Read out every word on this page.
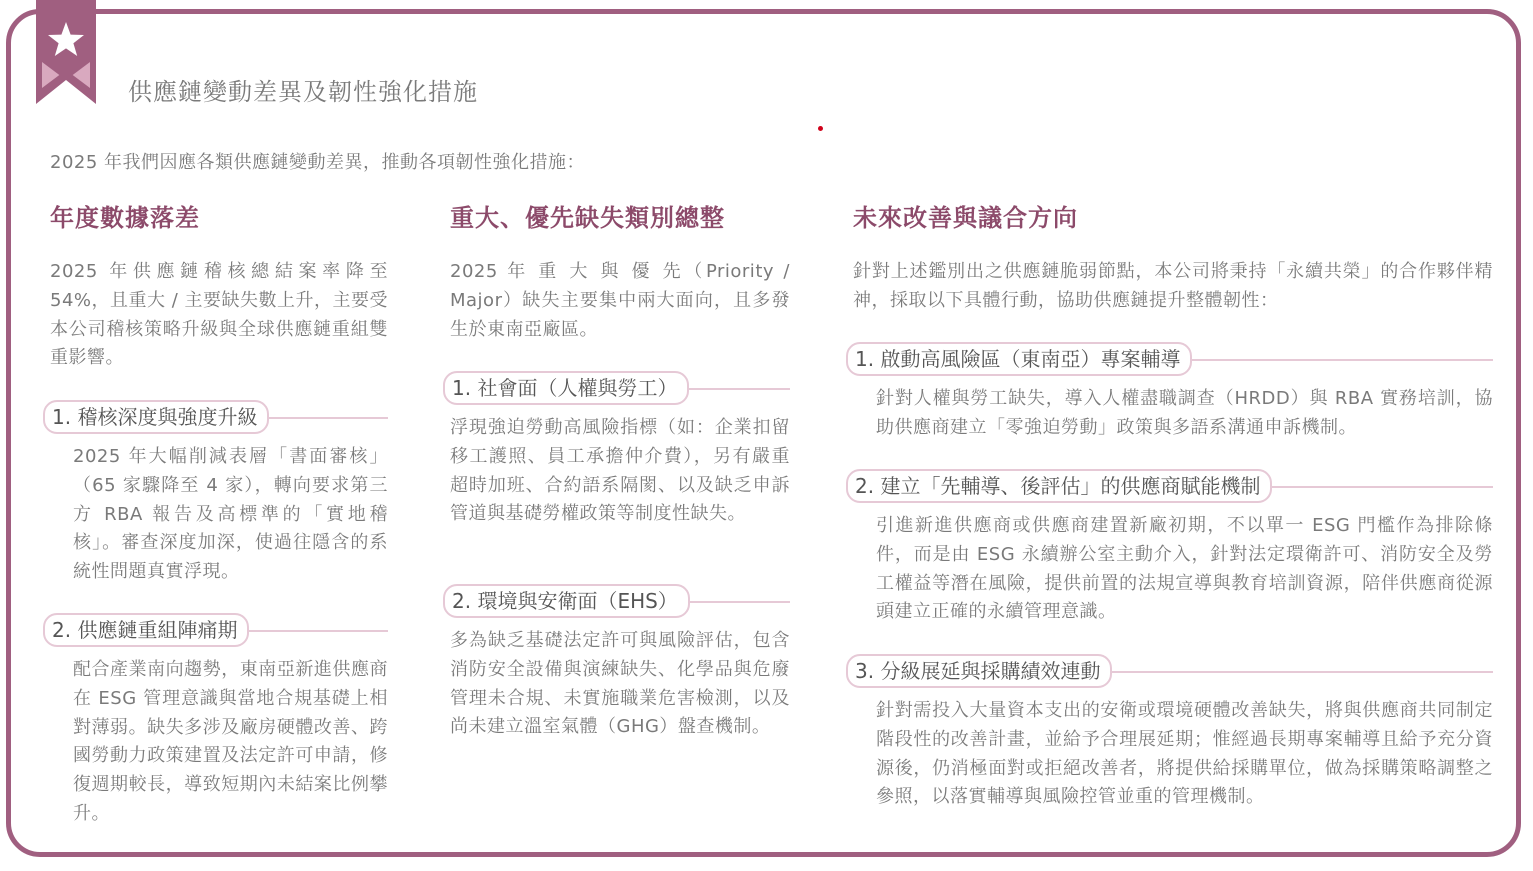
供應鏈變動差異及韌性強化措施
2025 年我們因應各類供應鏈變動差異，推動各項韌性強化措施：
年度數據落差
2025 年供應鏈稽核總結案率降至 54%，且重大 / 主要缺失數上升，主要受本公司稽核策略升級與全球供應鏈重組雙重影響。
1. 稽核深度與強度升級
2025 年大幅削減表層「書面審核」（65 家驟降至 4 家），轉向要求第三方 RBA 報告及高標準的「實地稽核」。審查深度加深，使過往隱含的系統性問題真實浮現。
2. 供應鏈重組陣痛期
配合產業南向趨勢，東南亞新進供應商在 ESG 管理意識與當地合規基礎上相對薄弱。缺失多涉及廠房硬體改善、跨國勞動力政策建置及法定許可申請，修復週期較長，導致短期內未結案比例攀升。
重大、優先缺失類別總整
2025 年 重 大 與 優 先（Priority / Major）缺失主要集中兩大面向，且多發生於東南亞廠區。
1. 社會面（人權與勞工）
浮現強迫勞動高風險指標（如：企業扣留移工護照、員工承擔仲介費），另有嚴重超時加班、合約語系隔閡、以及缺乏申訴管道與基礎勞權政策等制度性缺失。
2. 環境與安衛面（EHS）
多為缺乏基礎法定許可與風險評估，包含消防安全設備與演練缺失、化學品與危廢管理未合規、未實施職業危害檢測，以及尚未建立溫室氣體（GHG）盤查機制。
未來改善與議合方向
針對上述鑑別出之供應鏈脆弱節點，本公司將秉持「永續共榮」的合作夥伴精神，採取以下具體行動，協助供應鏈提升整體韌性：
1. 啟動高風險區（東南亞）專案輔導
針對人權與勞工缺失，導入人權盡職調查（HRDD）與 RBA 實務培訓，協助供應商建立「零強迫勞動」政策與多語系溝通申訴機制。
2. 建立「先輔導、後評估」的供應商賦能機制
引進新進供應商或供應商建置新廠初期，不以單一 ESG 門檻作為排除條件，而是由 ESG 永續辦公室主動介入，針對法定環衛許可、消防安全及勞工權益等潛在風險，提供前置的法規宣導與教育培訓資源，陪伴供應商從源頭建立正確的永續管理意識。
3. 分級展延與採購績效連動
針對需投入大量資本支出的安衛或環境硬體改善缺失，將與供應商共同制定階段性的改善計畫，並給予合理展延期；惟經過長期專案輔導且給予充分資源後，仍消極面對或拒絕改善者，將提供給採購單位，做為採購策略調整之參照，以落實輔導與風險控管並重的管理機制。
